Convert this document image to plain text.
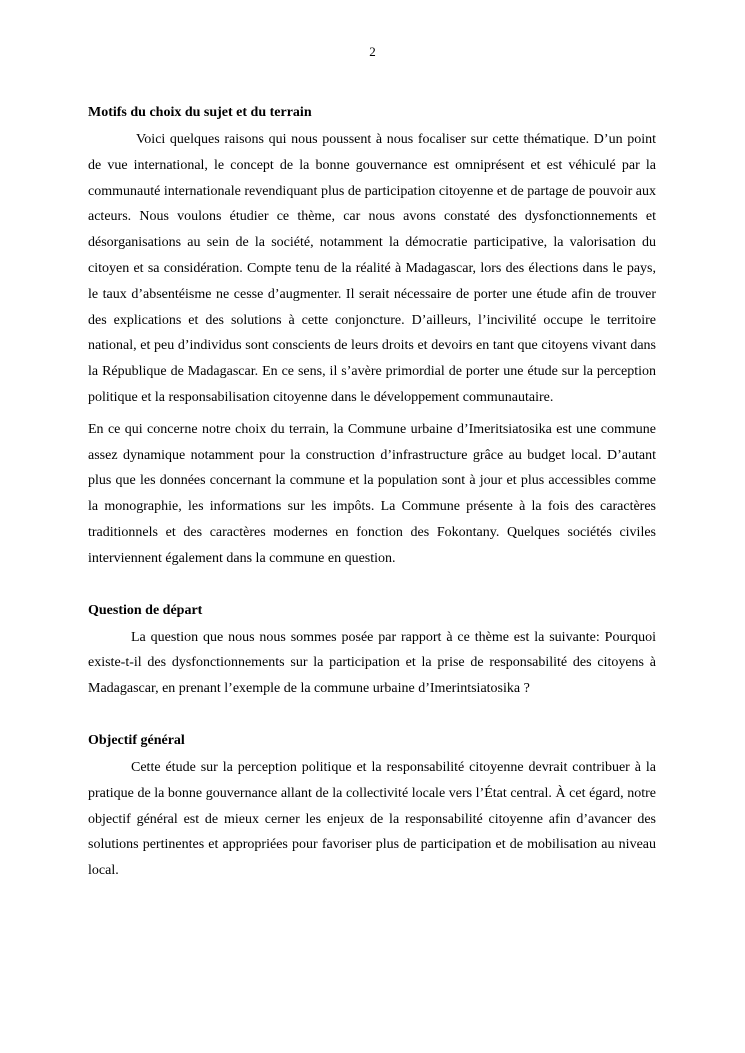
2
Motifs du choix du sujet et du terrain

Voici quelques raisons qui nous poussent à nous focaliser sur cette thématique. D’un point de vue international, le concept de la bonne gouvernance est omniprésent et est véhiculé par la communauté internationale revendiquant plus de participation citoyenne et de partage de pouvoir aux acteurs. Nous voulons étudier ce thème, car nous avons constaté des dysfonctionnements et désorganisations au sein de la société, notamment la démocratie participative, la valorisation du citoyen et sa considération. Compte tenu de la réalité à Madagascar, lors des élections dans le pays, le taux d’absentéisme ne cesse d’augmenter. Il serait nécessaire de porter une étude afin de trouver des explications et des solutions à cette conjoncture. D’ailleurs, l’incivilité occupe le territoire national, et peu d’individus sont conscients de leurs droits et devoirs en tant que citoyens vivant dans la République de Madagascar. En ce sens, il s’avère primordial de porter une étude sur la perception politique et la responsabilisation citoyenne dans le développement communautaire.

En ce qui concerne notre choix du terrain, la Commune urbaine d’Imeritsiatosika est une commune assez dynamique notamment pour la construction d’infrastructure grâce au budget local. D’autant plus que les données concernant la commune et la population sont à jour et plus accessibles comme la monographie, les informations sur les impôts. La Commune présente à la fois des caractères traditionnels et des caractères modernes en fonction des Fokontany. Quelques sociétés civiles interviennent également dans la commune en question.

Question de départ

La question que nous nous sommes posée par rapport à ce thème est la suivante: Pourquoi existe-t-il des dysfonctionnements sur la participation et la prise de responsabilité des citoyens à Madagascar, en prenant l’exemple de la commune urbaine d’Imerintsiatosika ?

Objectif général

Cette étude sur la perception politique et la responsabilité citoyenne devrait contribuer à la pratique de la bonne gouvernance allant de la collectivité locale vers l’État central. À cet égard, notre objectif général est de mieux cerner les enjeux de la responsabilité citoyenne afin d’avancer des solutions pertinentes et appropriées pour favoriser plus de participation et de mobilisation au niveau local.
